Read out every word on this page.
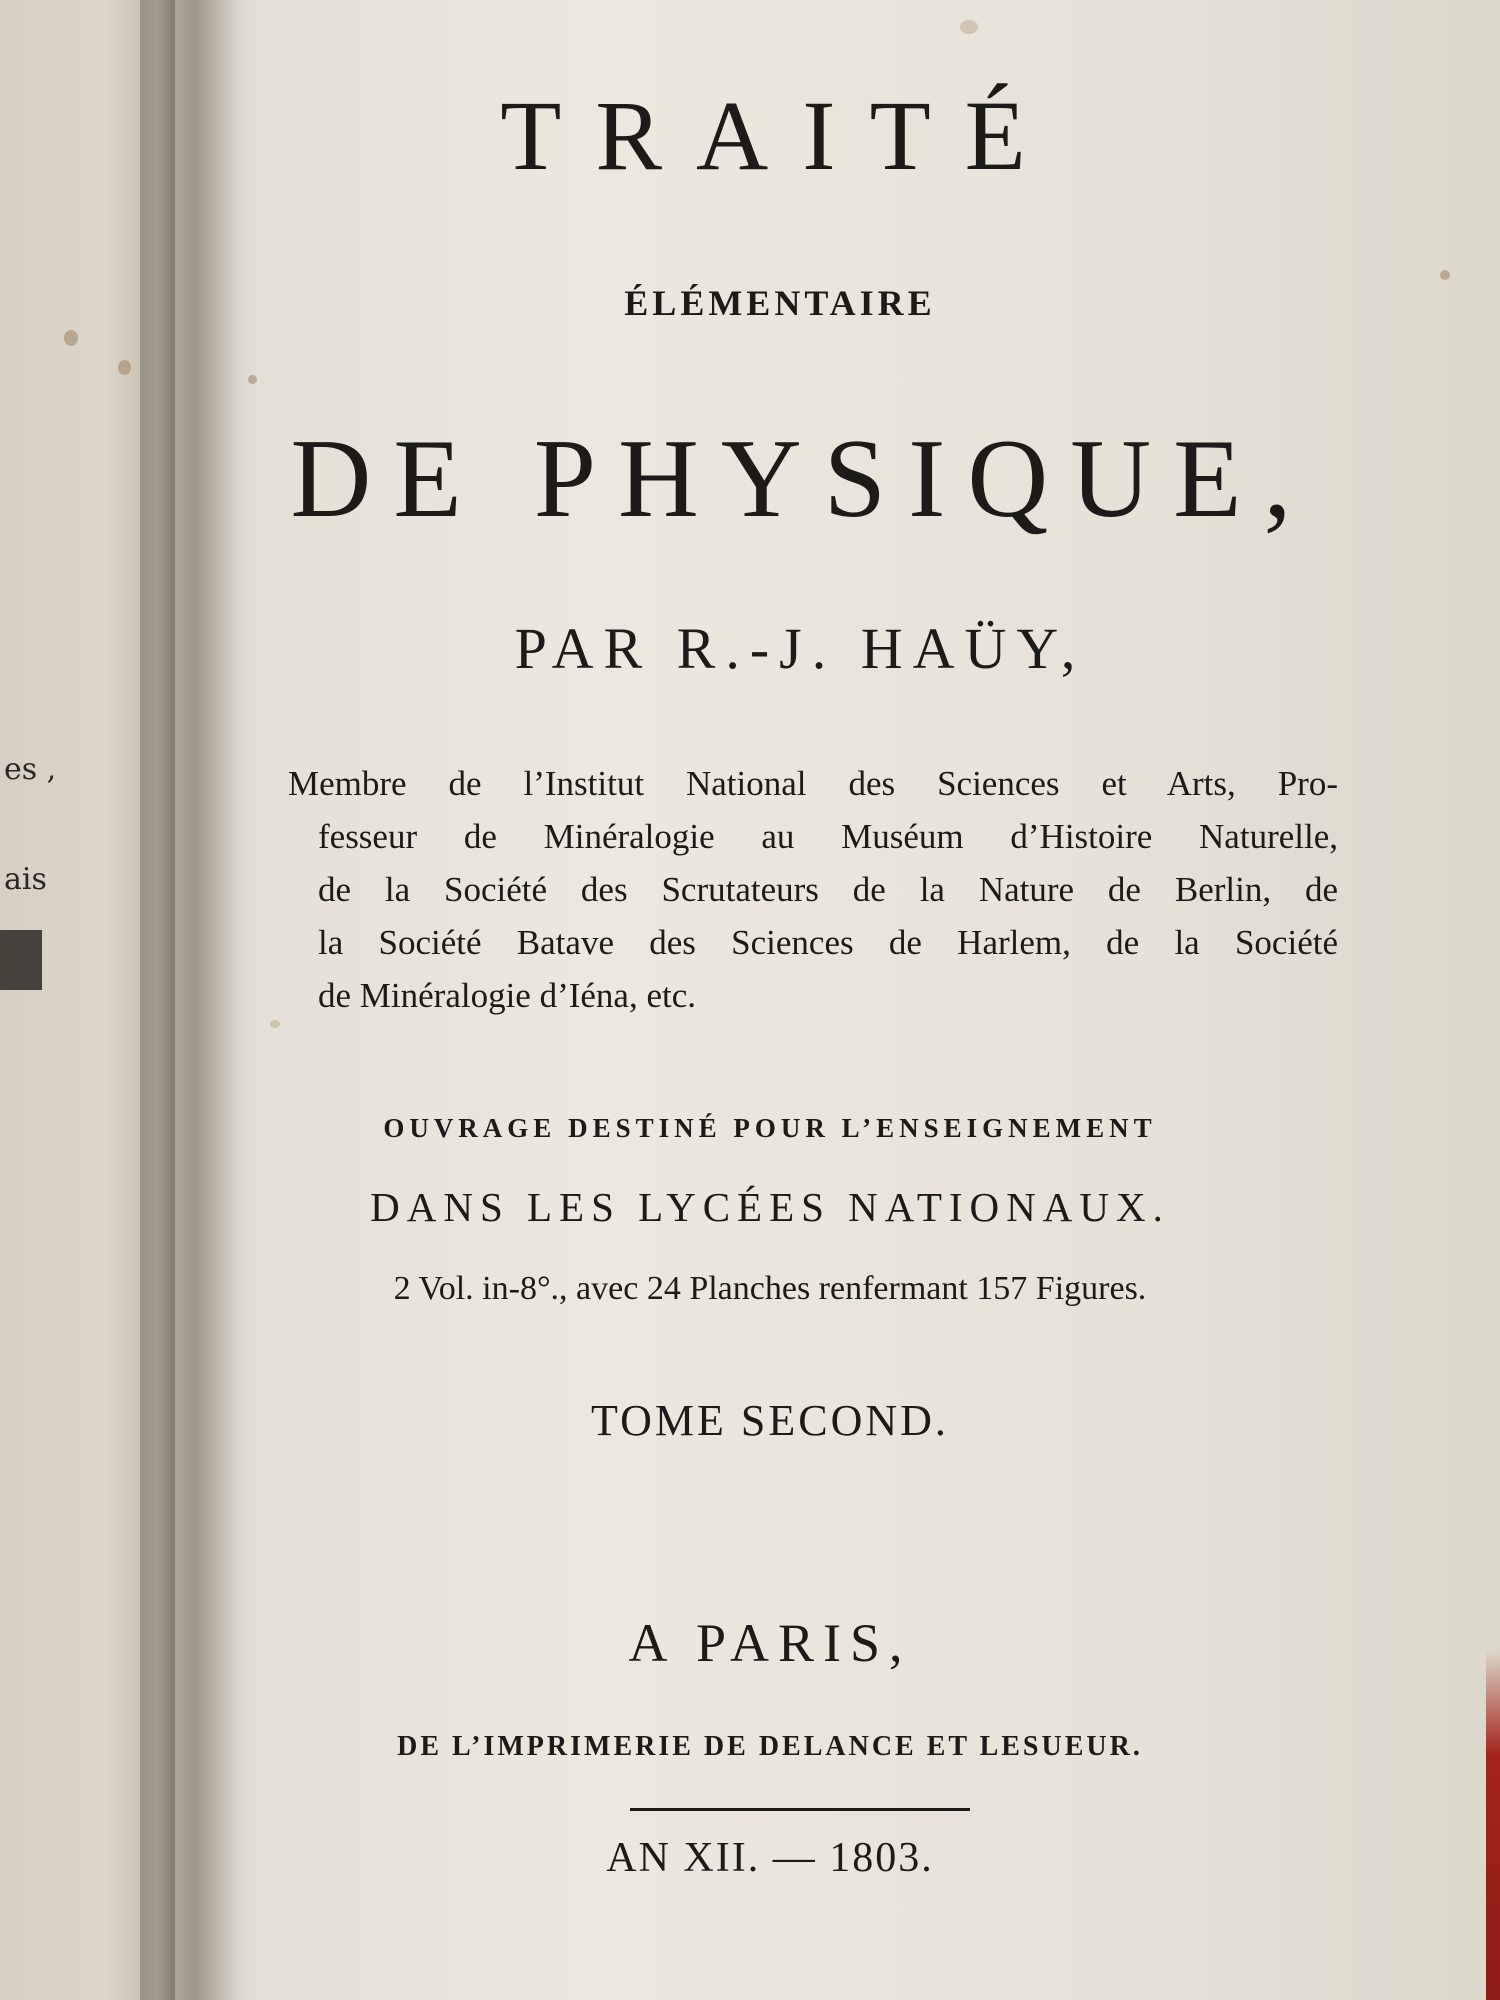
es ,
ais
TRAITÉ
ÉLÉMENTAIRE
DE PHYSIQUE,
PAR R.-J. HAÜY,
Membre de l’Institut National des Sciences et Arts, Pro-
fesseur de Minéralogie au Muséum d’Histoire Naturelle,
de la Société des Scrutateurs de la Nature de Berlin, de
la Société Batave des Sciences de Harlem, de la Société
de Minéralogie d’Iéna, etc.
OUVRAGE DESTINÉ POUR L’ENSEIGNEMENT
DANS LES LYCÉES NATIONAUX.
2 Vol. in-8°., avec 24 Planches renfermant 157 Figures.
TOME SECOND.
A PARIS,
DE L’IMPRIMERIE DE DELANCE ET LESUEUR.
AN XII. — 1803.
